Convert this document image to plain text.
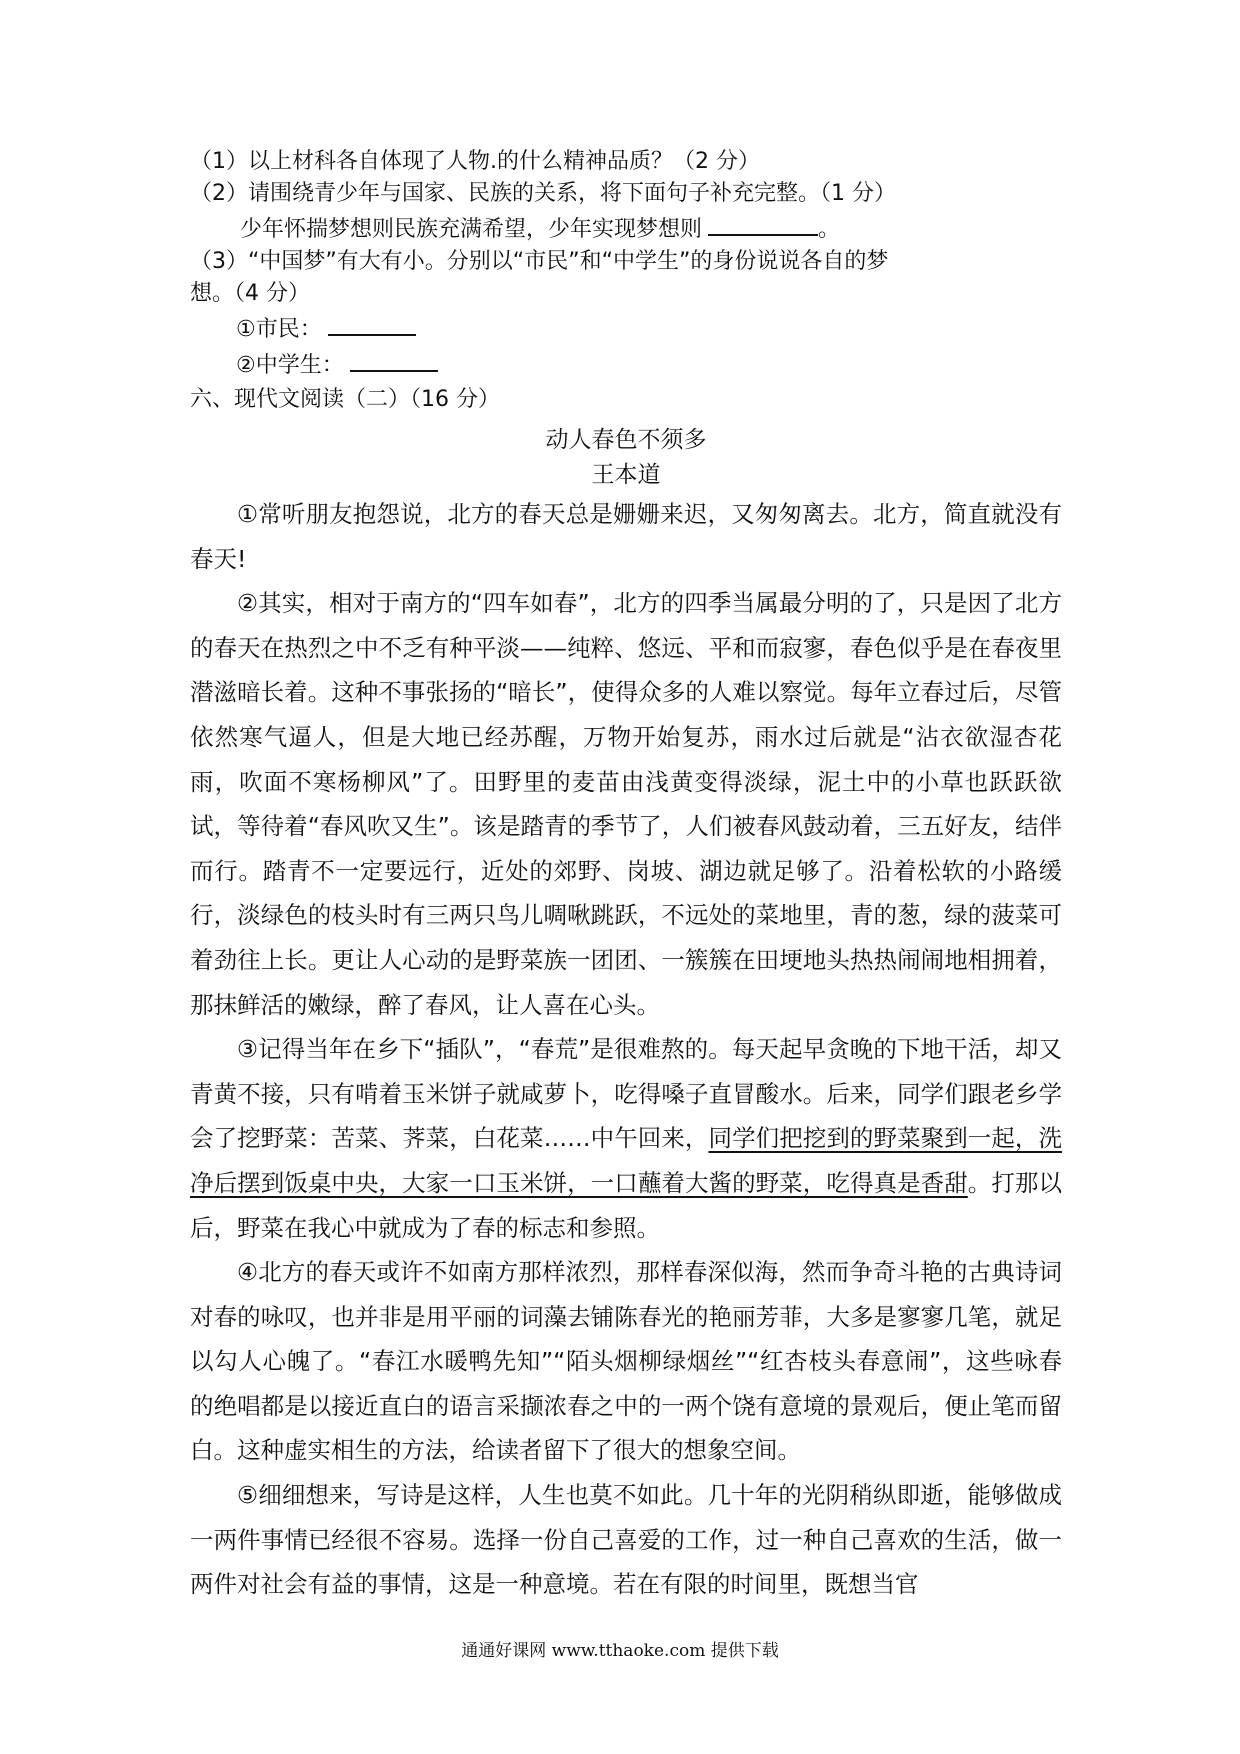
（1）以上材科各自体现了人物.的什么精神品质？（2 分）
（2）请围绕青少年与国家、民族的关系，将下面句子补充完整。（1 分）
少年怀揣梦想则民族充满希望，少年实现梦想则	。
（3）“中国梦”有大有小。分别以“市民”和“中学生”的身份说说各自的梦
想。（4 分）
①市民：
②中学生：
六、现代文阅读（二）（16 分）
动人春色不须多
王本道

①常听朋友抱怨说，北方的春天总是姗姗来迟，又匆匆离去。北方，简直就没有春天!

②其实，相对于南方的“四车如春”，北方的四季当属最分明的了，只是因了北方的春天在热烈之中不乏有种平淡——纯粹、悠远、平和而寂寥，春色似乎是在春夜里潜滋暗长着。这种不事张扬的“暗长”，使得众多的人难以察觉。每年立春过后，尽管依然寒气逼人，但是大地已经苏醒，万物开始复苏，雨水过后就是“沾衣欲湿杏花雨，吹面不寒杨柳风”了。田野里的麦苗由浅黄变得淡绿，泥土中的小草也跃跃欲试，等待着“春风吹又生”。该是踏青的季节了，人们被春风鼓动着，三五好友，结伴而行。踏青不一定要远行，近处的郊野、岗坡、湖边就足够了。沿着松软的小路缓行，淡绿色的枝头时有三两只鸟儿啁啾跳跃，不远处的菜地里，青的葱，绿的菠菜可着劲往上长。更让人心动的是野菜族一团团、一簇簇在田埂地头热热闹闹地相拥着，那抹鲜活的嫩绿，醉了春风，让人喜在心头。

③记得当年在乡下“插队”，“春荒”是很难熬的。每天起早贪晚的下地干活，却又青黄不接，只有啃着玉米饼子就咸萝卜，吃得嗓子直冒酸水。后来，同学们跟老乡学会了挖野菜：苦菜、荠菜，白花菜……中午回来，同学们把挖到的野菜聚到一起，洗净后摆到饭桌中央，大家一口玉米饼，一口蘸着大酱的野菜，吃得真是香甜。打那以后，野菜在我心中就成为了春的标志和参照。

④北方的春天或许不如南方那样浓烈，那样春深似海，然而争奇斗艳的古典诗词对春的咏叹，也并非是用平丽的词藻去铺陈春光的艳丽芳菲，大多是寥寥几笔，就足以勾人心魄了。“春江水暖鸭先知”“陌头烟柳绿烟丝”“红杏枝头春意闹”，这些咏春的绝唱都是以接近直白的语言采撷浓春之中的一两个饶有意境的景观后，便止笔而留白。这种虚实相生的方法，给读者留下了很大的想象空间。

⑤细细想来，写诗是这样，人生也莫不如此。几十年的光阴稍纵即逝，能够做成一两件事情已经很不容易。选择一份自己喜爱的工作，过一种自己喜欢的生活，做一两件对社会有益的事情，这是一种意境。若在有限的时间里，既想当官

通通好课网 www.tthaoke.com 提供下载
